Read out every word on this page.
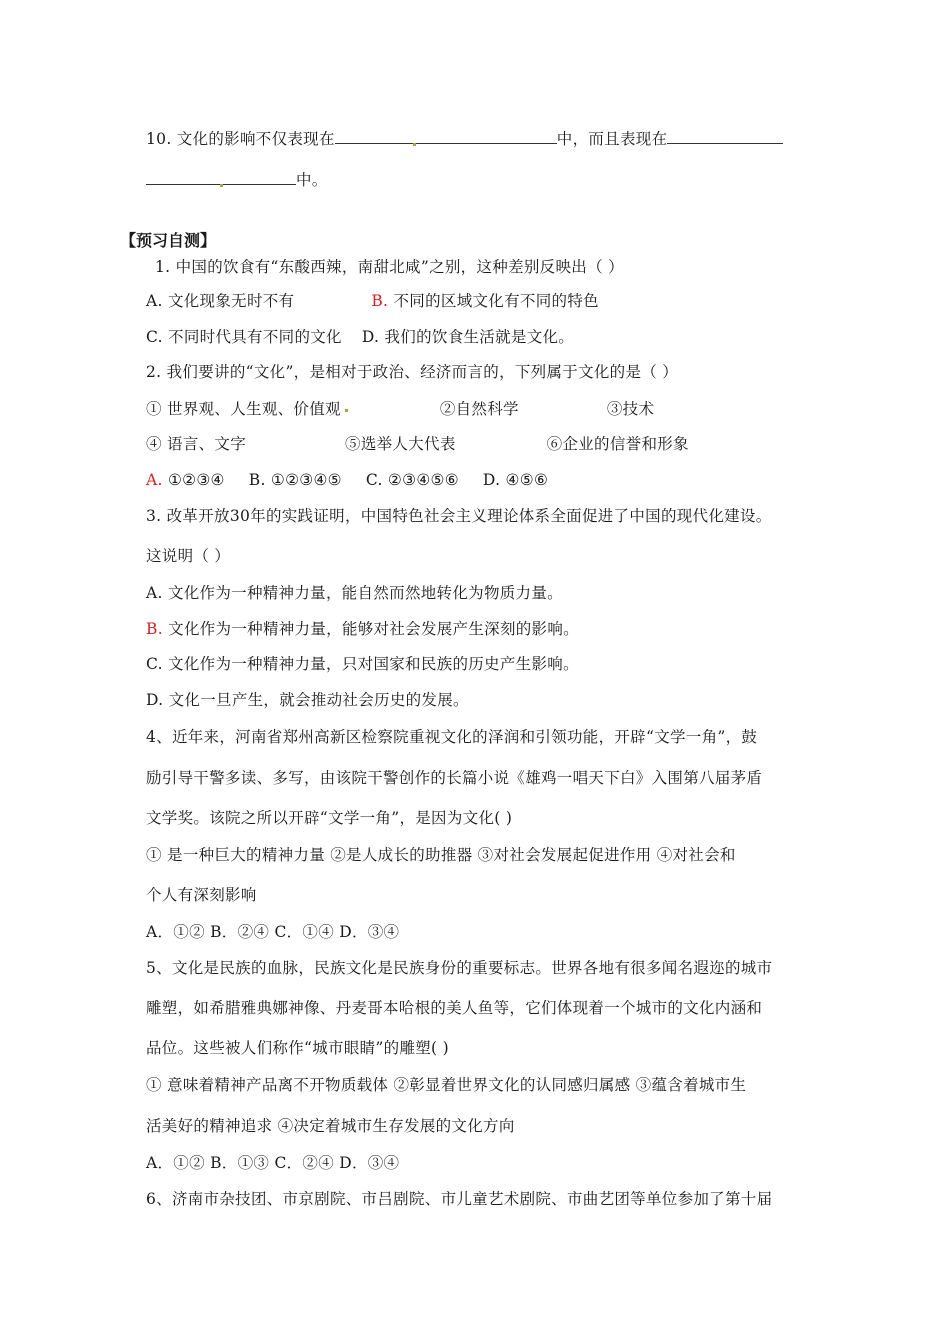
10. 文化的影响不仅表现在	中，而且表现在
中。
【预习自测】
1. 中国的饮食有“东酸西辣，南甜北咸”之别，这种差别反映出（ ）
A. 文化现象无时不有	B. 不同的区域文化有不同的特色
C. 不同时代具有不同的文化 D. 我们的饮食生活就是文化。
2. 我们要讲的“文化”，是相对于政治、经济而言的，下列属于文化的是（ ）
① 世界观、人生观、价值观	②自然科学	③技术
④ 语言、文字	⑤选举人大代表	⑥企业的信誉和形象
A. ①②③④ B. ①②③④⑤ C. ②③④⑤⑥ D. ④⑤⑥
3. 改革开放30年的实践证明，中国特色社会主义理论体系全面促进了中国的现代化建设。
这说明（ ）
A. 文化作为一种精神力量，能自然而然地转化为物质力量。
B. 文化作为一种精神力量，能够对社会发展产生深刻的影响。
C. 文化作为一种精神力量，只对国家和民族的历史产生影响。
D. 文化一旦产生，就会推动社会历史的发展。
4、近年来，河南省郑州高新区检察院重视文化的泽润和引领功能，开辟“文学一角”，鼓
励引导干警多读、多写，由该院干警创作的长篇小说《雄鸡一唱天下白》入围第八届茅盾
文学奖。该院之所以开辟“文学一角”，是因为文化( )
① 是一种巨大的精神力量 ②是人成长的助推器 ③对社会发展起促进作用 ④对社会和
个人有深刻影响
A．①② B．②④ C．①④ D．③④
5、文化是民族的血脉，民族文化是民族身份的重要标志。世界各地有很多闻名遐迩的城市
雕塑，如希腊雅典娜神像、丹麦哥本哈根的美人鱼等，它们体现着一个城市的文化内涵和
品位。这些被人们称作“城市眼睛”的雕塑( )
① 意味着精神产品离不开物质载体 ②彰显着世界文化的认同感归属感 ③蕴含着城市生
活美好的精神追求 ④决定着城市生存发展的文化方向
A．①② B．①③ C．②④ D．③④
6、济南市杂技团、市京剧院、市吕剧院、市儿童艺术剧院、市曲艺团等单位参加了第十届
